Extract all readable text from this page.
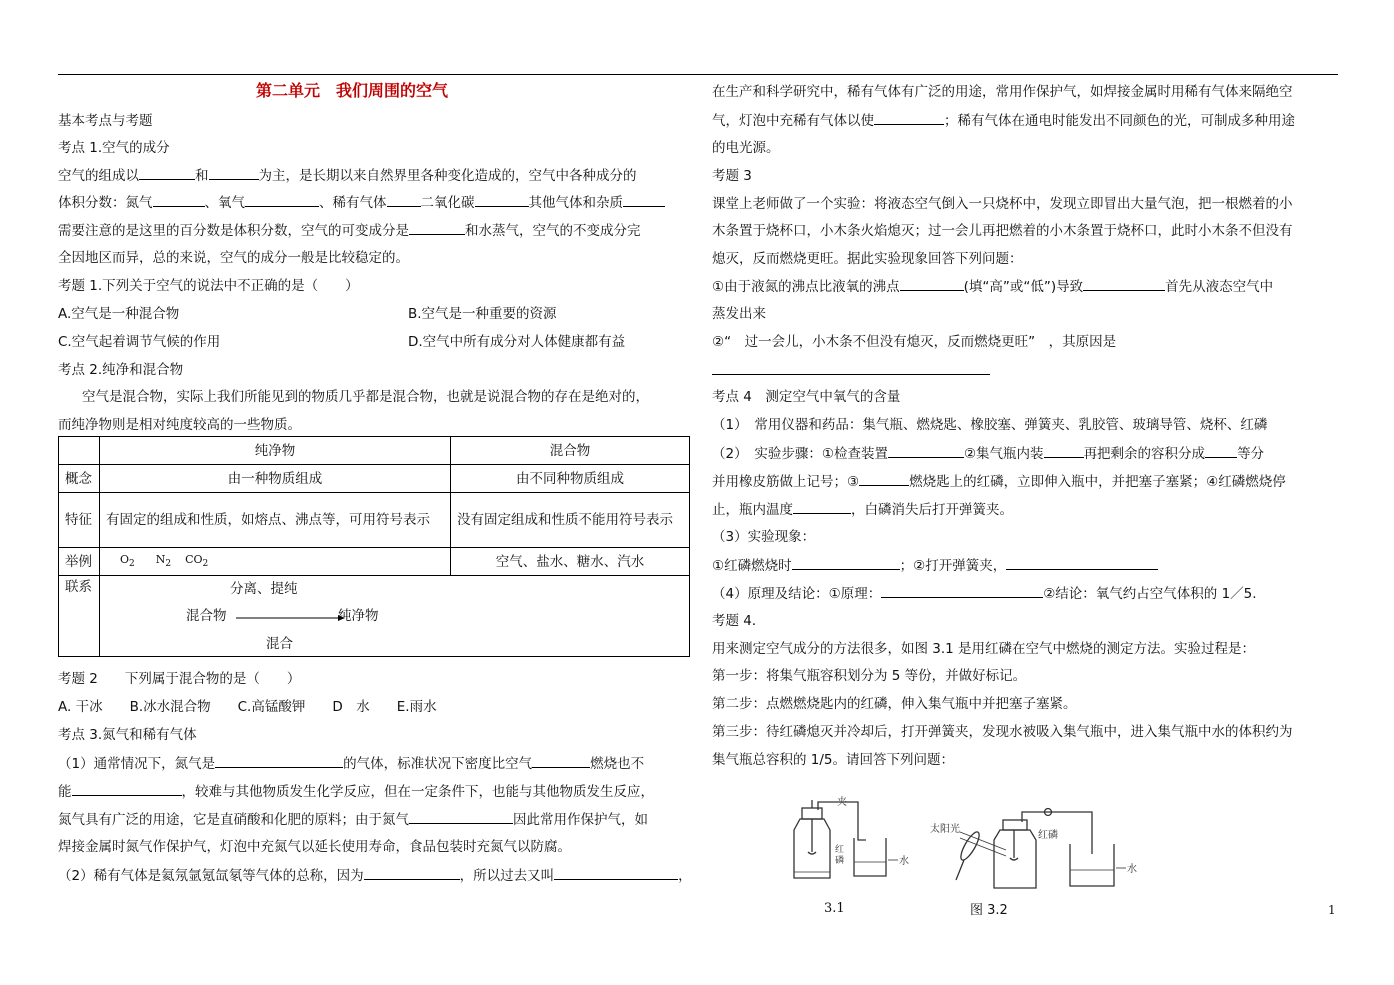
第二单元　我们周围的空气
基本考点与考题
考点 1.空气的成分
空气的组成以	和	为主，是长期以来自然界里各种变化造成的，空气中各种成分的
体积分数：氮气	、氧气	、稀有气体	二氧化碳	其他气体和杂质
需要注意的是这里的百分数是体积分数，空气的可变成分是	和水蒸气，空气的不变成分完
全因地区而异，总的来说，空气的成分一般是比较稳定的。
考题 1.下列关于空气的说法中不正确的是（　　）
A.空气是一种混合物	B.空气是一种重要的资源
C.空气起着调节气候的作用	D.空气中所有成分对人体健康都有益
考点 2.纯净和混合物
空气是混合物，实际上我们所能见到的物质几乎都是混合物，也就是说混合物的存在是绝对的，
而纯净物则是相对纯度较高的一些物质。
	纯净物	混合物
概念	由一种物质组成	由不同种物质组成
特征	有固定的组成和性质，如熔点、沸点等，可用符号表示	没有固定组成和性质不能用符号表示
举例	$O_2$ $N_2$ $CO_2$	空气、盐水、糖水、汽水
联系	分离、提纯
混合物 纯净物
混合	
考题 2　　下列属于混合物的是（　　）
A. 干冰　　B.冰水混合物　　C.高锰酸钾　　D　水　　E.雨水
考点 3.氮气和稀有气体
（1）通常情况下，氮气是	的气体，标准状况下密度比空气	燃烧也不
能	，较难与其他物质发生化学反应，但在一定条件下，也能与其他物质发生反应，
氮气具有广泛的用途，它是直硝酸和化肥的原料；由于氮气	因此常用作保护气，如
焊接金属时氮气作保护气，灯泡中充氮气以延长使用寿命，食品包装时充氮气以防腐。
（2）稀有气体是氦氖氩氪氙氡等气体的总称，因为	，所以过去又叫	，
在生产和科学研究中，稀有气体有广泛的用途，常用作保护气，如焊接金属时用稀有气体来隔绝空
气，灯泡中充稀有气体以使	；稀有气体在通电时能发出不同颜色的光，可制成多种用途
的电光源。
考题 3
课堂上老师做了一个实验：将液态空气倒入一只烧杯中，发现立即冒出大量气泡，把一根燃着的小
木条置于烧杯口，小木条火焰熄灭；过一会儿再把燃着的小木条置于烧杯口，此时小木条不但没有
熄灭，反而燃烧更旺。据此实验现象回答下列问题：
①由于液氮的沸点比液氧的沸点	(填“高”或“低”)导致	首先从液态空气中
蒸发出来
②“　过一会儿，小木条不但没有熄灭，反而燃烧更旺”　，其原因是
考点 4　测定空气中氧气的含量
（1）　常用仪器和药品：集气瓶、燃烧匙、橡胶塞、弹簧夹、乳胶管、玻璃导管、烧杯、红磷
（2）　实验步骤：①检查装置	②集气瓶内装	再把剩余的容积分成 等分
并用橡皮筋做上记号；③	燃烧匙上的红磷，立即伸入瓶中，并把塞子塞紧；④红磷燃烧停
止，瓶内温度	，白磷消失后打开弹簧夹。
（3）实验现象：
①红磷燃烧时	；②打开弹簧夹，
（4）原理及结论：①原理：	②结论：氧气约占空气体积的 1／5.
考题 4．
用来测定空气成分的方法很多，如图 3.1 是用红磷在空气中燃烧的测定方法。实验过程是：
第一步：将集气瓶容积划分为 5 等份，并做好标记。
第二步：点燃燃烧匙内的红磷，伸入集气瓶中并把塞子塞紧。
第三步：待红磷熄灭并冷却后，打开弹簧夹，发现水被吸入集气瓶中，进入集气瓶中水的体积约为
集气瓶总容积的 1/5。请回答下列问题：
夹
红
磷	水
太阳光
红磷
水
3.1	图 3.2	1
